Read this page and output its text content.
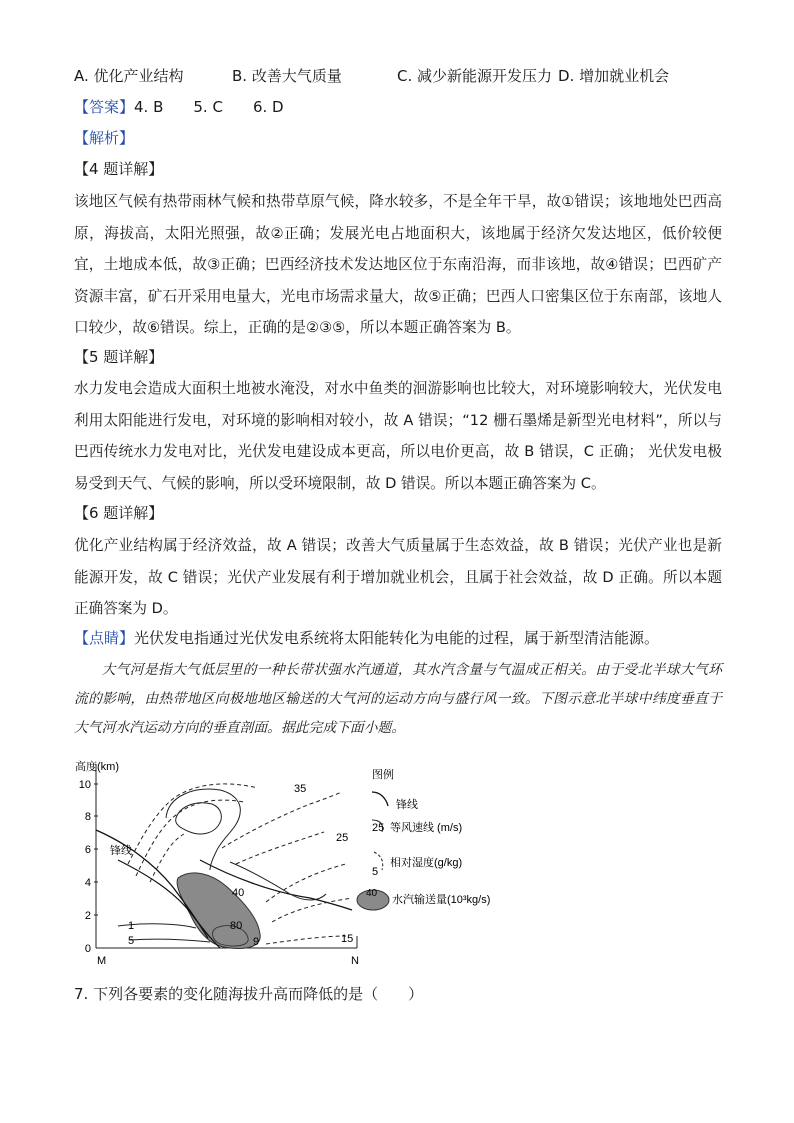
A. 优化产业结构	B. 改善大气质量	C. 减少新能源开发压力 D. 增加就业机会
【答案】4. B　　5. C　　6. D
【解析】
【4 题详解】
该地区气候有热带雨林气候和热带草原气候，降水较多，不是全年干旱，故①错误；该地地处巴西高原，海拔高，太阳光照强，故②正确；发展光电占地面积大，该地属于经济欠发达地区，低价较便宜，土地成本低，故③正确；巴西经济技术发达地区位于东南沿海，而非该地，故④错误；巴西矿产资源丰富，矿石开采用电量大，光电市场需求量大，故⑤正确；巴西人口密集区位于东南部，该地人口较少，故⑥错误。综上，正确的是②③⑤，所以本题正确答案为 B。
【5 题详解】
水力发电会造成大面积土地被水淹没，对水中鱼类的洄游影响也比较大，对环境影响较大，光伏发电利用太阳能进行发电，对环境的影响相对较小，故 A 错误；“12 栅石墨烯是新型光电材料”，所以与巴西传统水力发电对比，光伏发电建设成本更高，所以电价更高，故 B 错误，C 正确； 光伏发电极易受到天气、气候的影响，所以受环境限制，故 D 错误。所以本题正确答案为 C。
【6 题详解】
优化产业结构属于经济效益，故 A 错误；改善大气质量属于生态效益，故 B 错误；光伏产业也是新能源开发，故 C 错误；光伏产业发展有利于增加就业机会，且属于社会效益，故 D 正确。所以本题正确答案为 D。
【点睛】光伏发电指通过光伏发电系统将太阳能转化为电能的过程，属于新型清洁能源。
大气河是指大气低层里的一种长带状强水汽通道，其水汽含量与气温成正相关。由于受北半球大气环流的影响，由热带地区向极地地区输送的大气河的运动方向与盛行风一致。下图示意北半球中纬度垂直于大气河水汽运动方向的垂直剖面。据此完成下面小题。
高度(km)
10
8
6
4
2
0
M	N
锋线
35
25
15
1
5
40
80
9
图例
锋线
25 等风速线 (m/s)
5
相对湿度(g/kg)
40
水汽输送量(10³kg/s)
7. 下列各要素的变化随海拔升高而降低的是（　　）
